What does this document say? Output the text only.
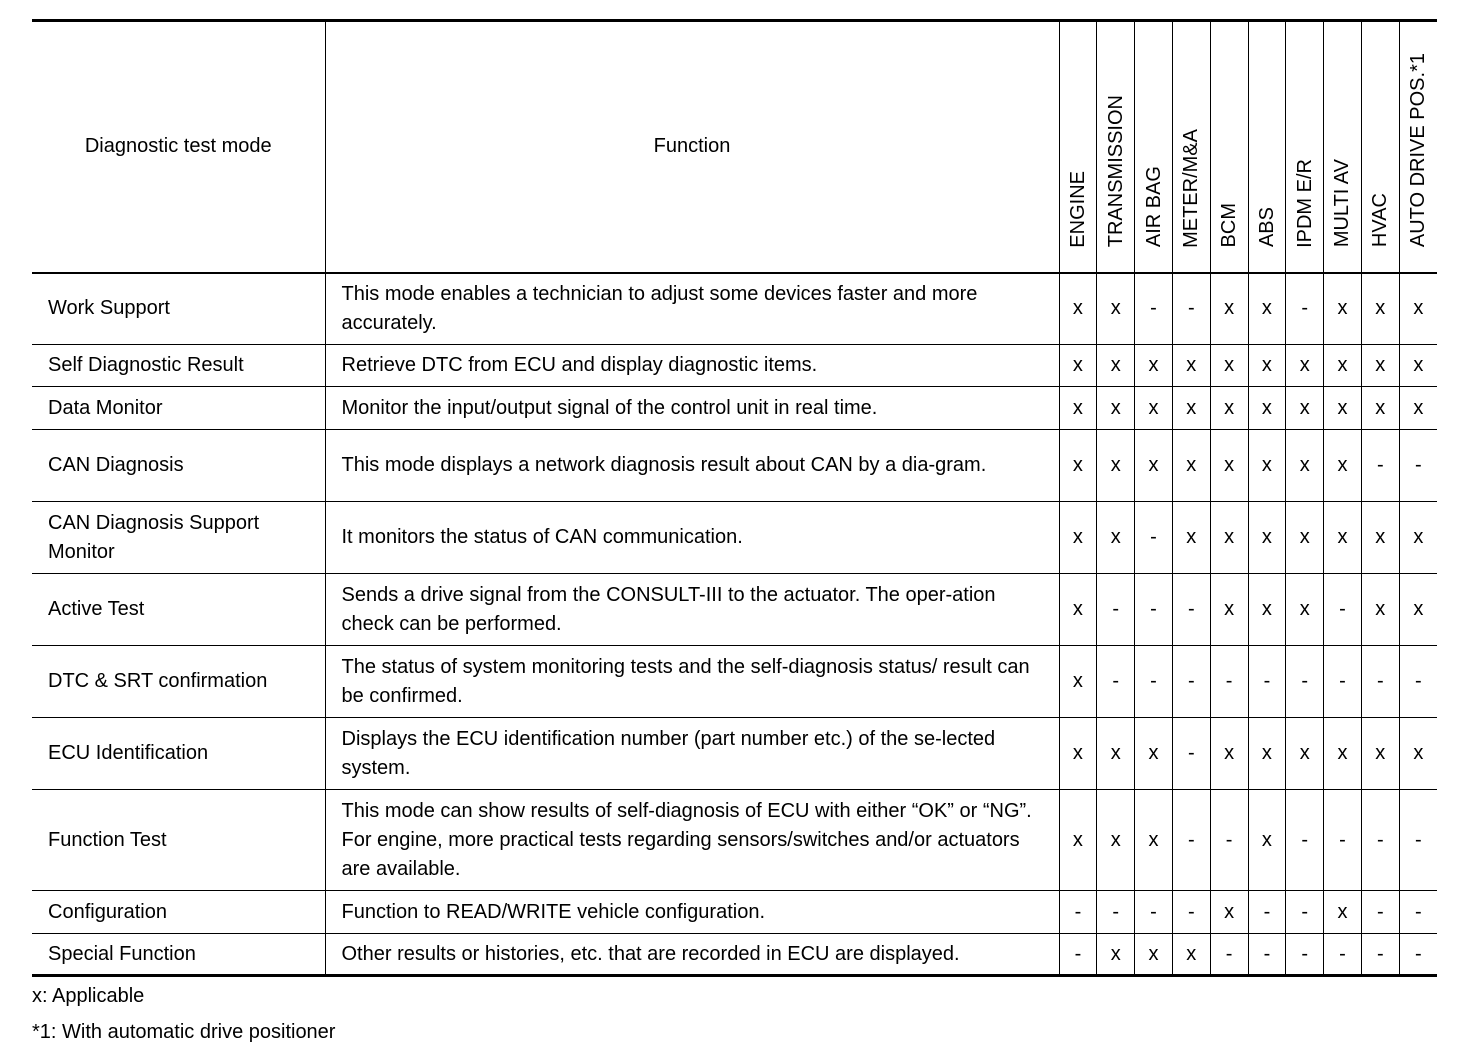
Diagnostic test mode	Function	ENGINE	TRANSMISSION	AIR BAG	METER/M&A	BCM	ABS	IPDM E/R	MULTI AV	HVAC	AUTO DRIVE POS.*1
Work Support	This mode enables a technician to adjust some devices faster and more accurately.	x	x	-	-	x	x	-	x	x	x
Self Diagnostic Result	Retrieve DTC from ECU and display diagnostic items.	x	x	x	x	x	x	x	x	x	x
Data Monitor	Monitor the input/output signal of the control unit in real time.	x	x	x	x	x	x	x	x	x	x
CAN Diagnosis	This mode displays a network diagnosis result about CAN by a dia-gram.	x	x	x	x	x	x	x	x	-	-
CAN Diagnosis Support Monitor	It monitors the status of CAN communication.	x	x	-	x	x	x	x	x	x	x
Active Test	Sends a drive signal from the CONSULT-III to the actuator. The oper-ation check can be performed.	x	-	-	-	x	x	x	-	x	x
DTC & SRT confirmation	The status of system monitoring tests and the self-diagnosis status/ result can be confirmed.	x	-	-	-	-	-	-	-	-	-
ECU Identification	Displays the ECU identification number (part number etc.) of the se-lected system.	x	x	x	-	x	x	x	x	x	x
Function Test	This mode can show results of self-diagnosis of ECU with either “OK” or “NG”. For engine, more practical tests regarding sensors/switches and/or actuators are available.	x	x	x	-	-	x	-	-	-	-
Configuration	Function to READ/WRITE vehicle configuration.	-	-	-	-	x	-	-	x	-	-
Special Function	Other results or histories, etc. that are recorded in ECU are displayed.	-	x	x	x	-	-	-	-	-	-
x: Applicable
*1: With automatic drive positioner
